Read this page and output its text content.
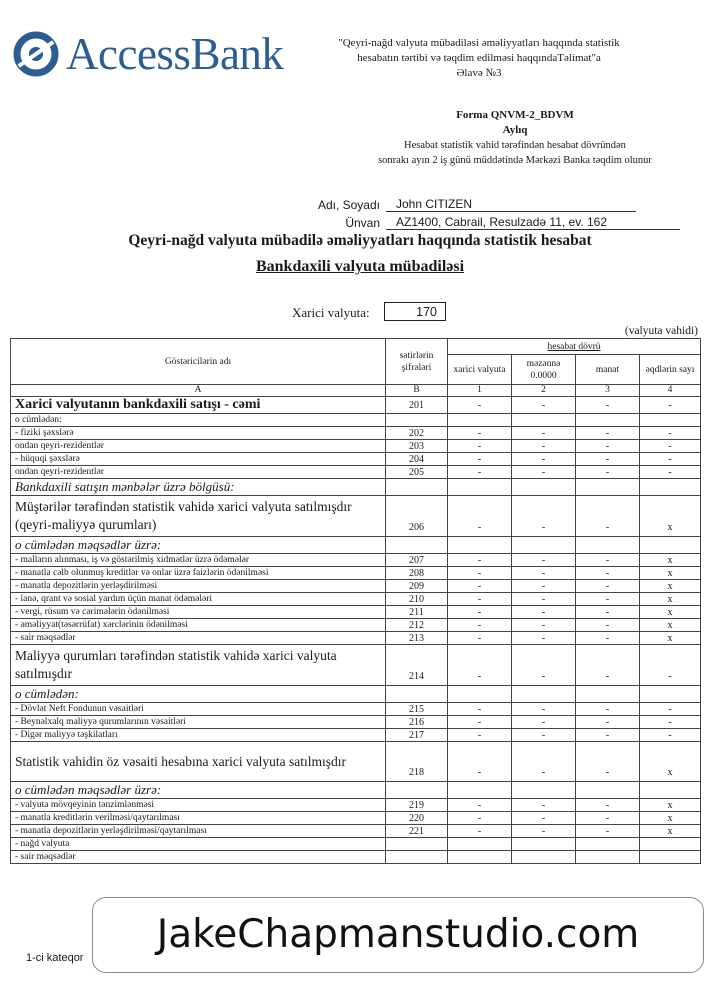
AccessBank	"Qeyri-nağd valyuta mübadiləsi əməliyyatları haqqında statistik
hesabatın tərtibi və təqdim edilməsi haqqındaTəlimat"a
Əlavə №3
Forma QNVM-2_BDVM
Aylıq
Hesabat statistik vahid tərəfindən hesabat dövründən
sonrakı ayın 2 iş günü müddətində Mərkəzi Banka təqdim olunur
Adı, Soyadı	John CITIZEN
Ünvan	AZ1400, Cabrail, Resulzadə 11, ev. 162
Qeyri-nağd valyuta mübadilə əməliyyatları haqqında statistik hesabat
Bankdaxili valyuta mübadiləsi
Xarici valyuta:	170
(valyuta vahidi)
Göstəricilərin adı	sətirlərin şifrələri	hesabat dövrü			
		xarici valyuta	məzənnə 0.0000	manat	əqdlərin sayı
A	B	1	2	3	4
Xarici valyutanın bankdaxili satışı - cəmi	201	-	-	-	-
o cümlədən:					
- fiziki şəxslərə	202	-	-	-	-
ondan qeyri-rezidentlər	203	-	-	-	-
- hüquqi şəxslərə	204	-	-	-	-
ondan qeyri-rezidentlər	205	-	-	-	-
Bankdaxili satışın mənbələr üzrə bölgüsü:					
Müştərilər tərəfindən statistik vahidə xarici valyuta satılmışdır (qeyri-maliyyə qurumları)	206	-	-	-	x
o cümlədən məqsədlər üzrə:					
- malların alınması, iş və göstərilmiş xidmətlər üzrə ödəmələr	207	-	-	-	x
- manatla cəlb olunmuş kreditlər və onlar üzrə faizlərin ödənilməsi	208	-	-	-	x
- manatla depozitlərin yerləşdirilməsi	209	-	-	-	x
- ianə, qrant və sosial yardım üçün manat ödəmələri	210	-	-	-	x
- vergi, rüsum və cərimələrin ödənilməsi	211	-	-	-	x
- əməliyyat(təsərrüfat) xərclərinin ödənilməsi	212	-	-	-	x
- sair məqsədlər	213	-	-	-	x
Maliyyə qurumları tərəfindən statistik vahidə xarici valyuta satılmışdır	214	-	-	-	-
o cümlədən:					
- Dövlət Neft Fondunun vəsaitləri	215	-	-	-	-
- Beynəlxalq maliyyə qurumlarının vəsaitləri	216	-	-	-	-
- Digər maliyyə təşkilatları	217	-	-	-	-
Statistik vahidin öz vəsaiti hesabına xarici valyuta satılmışdır	218	-	-	-	x
o cümlədən məqsədlər üzrə:					
- valyuta mövqeyinin tənzimlənməsi	219	-	-	-	x
- manatla kreditlərin verilməsi/qaytarılması	220	-	-	-	x
- manatla depozitlərin yerləşdirilməsi/qaytarılması	221	-	-	-	x
- nağd valyuta					
- sair məqsədlər					
1-ci kateqor
JakeChapmanstudio.com
